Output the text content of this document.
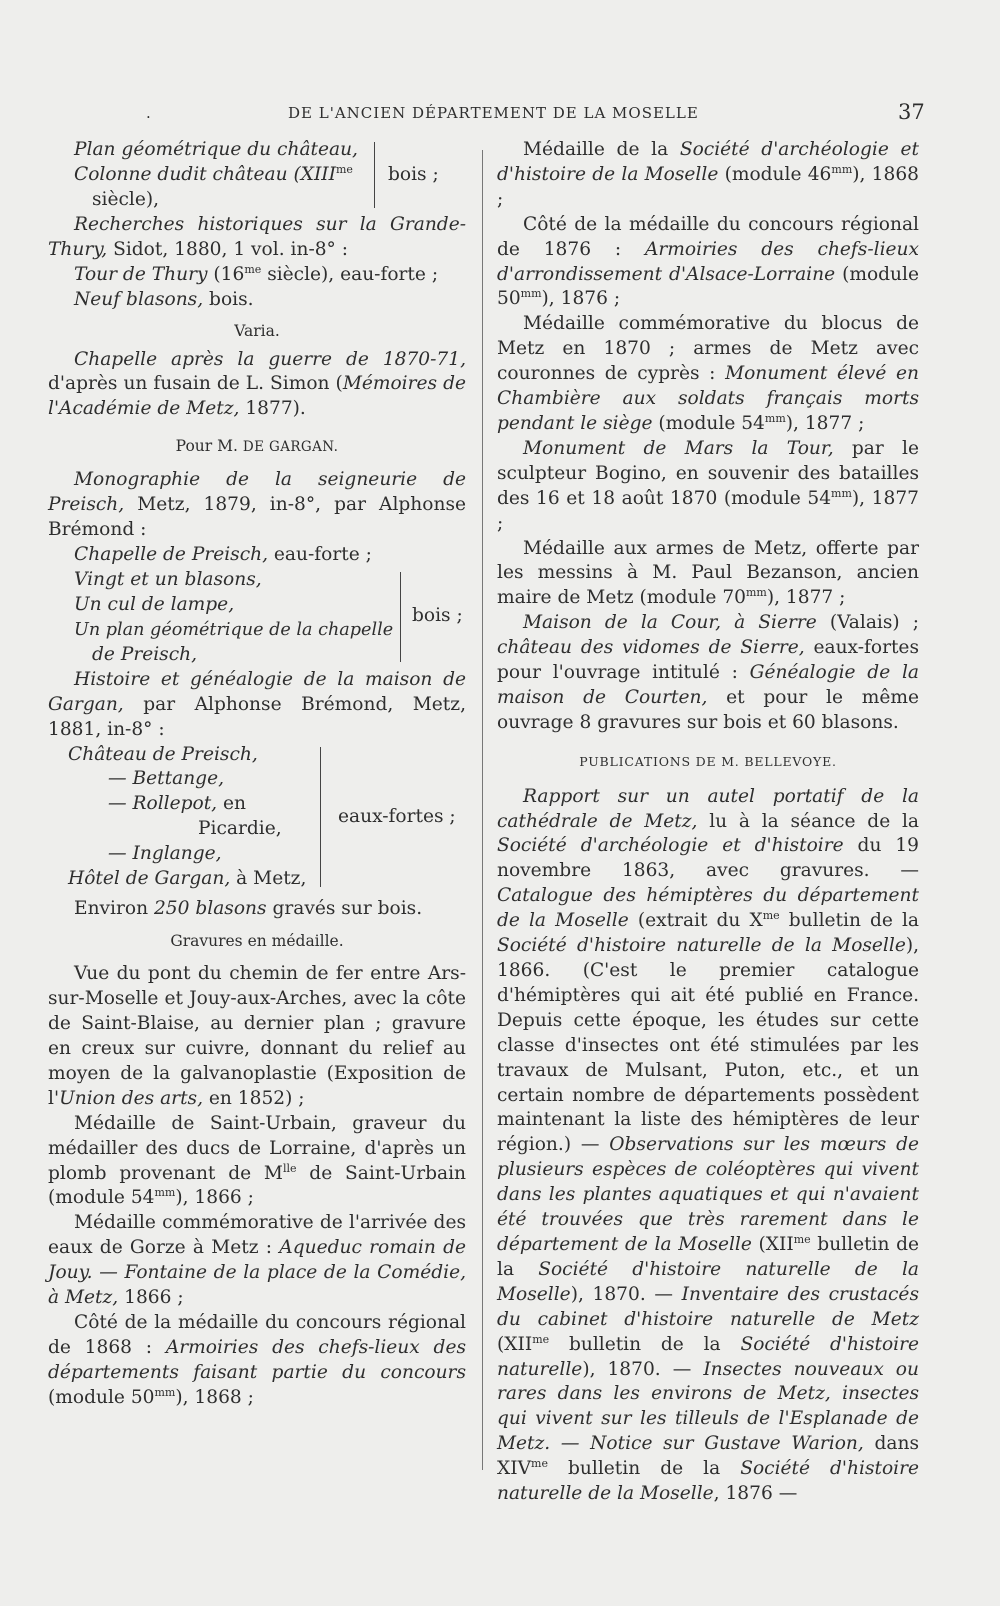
.	DE L'ANCIEN DÉPARTEMENT DE LA MOSELLE	37
Plan géométrique du château,
Colonne dudit château ($XIII^{me}$
siècle),
bois ;

Recherches historiques sur la Grande-Thury, Sidot, 1880, 1 vol. in-8° :

Tour de Thury ($16^{me}$ siècle), eau-forte ;

Neuf blasons, bois.

Varia.

Chapelle après la guerre de 1870-71, d'après un fusain de L. Simon (Mémoires de l'Académie de Metz, 1877).

Pour M. DE GARGAN.

Monographie de la seigneurie de Preisch, Metz, 1879, in-8°, par Alphonse Brémond :

Chapelle de Preisch, eau-forte ;

Vingt et un blasons,
Un cul de lampe,
Un plan géométrique de la chapelle
de Preisch,
bois ;

Histoire et généalogie de la maison de Gargan, par Alphonse Brémond, Metz, 1881, in-8° :

Château de Preisch,
— Bettange,
— Rollepot, en
Picardie,
— Inglange,
Hôtel de Gargan, à Metz,
eaux-fortes ;

Environ 250 blasons gravés sur bois.

Gravures en médaille.

Vue du pont du chemin de fer entre Ars-sur-Moselle et Jouy-aux-Arches, avec la côte de Saint-Blaise, au dernier plan ; gravure en creux sur cuivre, donnant du relief au moyen de la galvanoplastie (Exposition de l'Union des arts, en 1852) ;

Médaille de Saint-Urbain, graveur du médailler des ducs de Lorraine, d'après un plomb provenant de $M^{lle}$ de Saint-Urbain (module $54^{mm}$), 1866 ;

Médaille commémorative de l'arrivée des eaux de Gorze à Metz : Aqueduc romain de Jouy. — Fontaine de la place de la Comédie, à Metz, 1866 ;

Côté de la médaille du concours régional de 1868 : Armoiries des chefs-lieux des départements faisant partie du concours (module $50^{mm}$), 1868 ;

Médaille de la Société d'archéologie et d'histoire de la Moselle (module $46^{mm}$), 1868 ;

Côté de la médaille du concours régional de 1876 : Armoiries des chefs-lieux d'arrondissement d'Alsace-Lorraine (module $50^{mm}$), 1876 ;

Médaille commémorative du blocus de Metz en 1870 ; armes de Metz avec couronnes de cyprès : Monument élevé en Chambière aux soldats français morts pendant le siège (module $54^{mm}$), 1877 ;

Monument de Mars la Tour, par le sculpteur Bogino, en souvenir des batailles des 16 et 18 août 1870 (module $54^{mm}$), 1877 ;

Médaille aux armes de Metz, offerte par les messins à M. Paul Bezanson, ancien maire de Metz (module $70^{mm}$), 1877 ;

Maison de la Cour, à Sierre (Valais) ; château des vidomes de Sierre, eaux-fortes pour l'ouvrage intitulé : Généalogie de la maison de Courten, et pour le même ouvrage 8 gravures sur bois et 60 blasons.

PUBLICATIONS DE M. BELLEVOYE.

Rapport sur un autel portatif de la cathédrale de Metz, lu à la séance de la Société d'archéologie et d'histoire du 19 novembre 1863, avec gravures. — Catalogue des hémiptères du département de la Moselle (extrait du $X^{me}$ bulletin de la Société d'histoire naturelle de la Moselle), 1866. (C'est le premier catalogue d'hémiptères qui ait été publié en France. Depuis cette époque, les études sur cette classe d'insectes ont été stimulées par les travaux de Mulsant, Puton, etc., et un certain nombre de départements possèdent maintenant la liste des hémiptères de leur région.) — Observations sur les mœurs de plusieurs espèces de coléoptères qui vivent dans les plantes aquatiques et qui n'avaient été trouvées que très rarement dans le département de la Moselle ($XII^{me}$ bulletin de la Société d'histoire naturelle de la Moselle), 1870. — Inventaire des crustacés du cabinet d'histoire naturelle de Metz ($XII^{me}$ bulletin de la Société d'histoire naturelle), 1870. — Insectes nouveaux ou rares dans les environs de Metz, insectes qui vivent sur les tilleuls de l'Esplanade de Metz. — Notice sur Gustave Warion, dans $XIV^{me}$ bulletin de la Société d'histoire naturelle de la Moselle, 1876 —
